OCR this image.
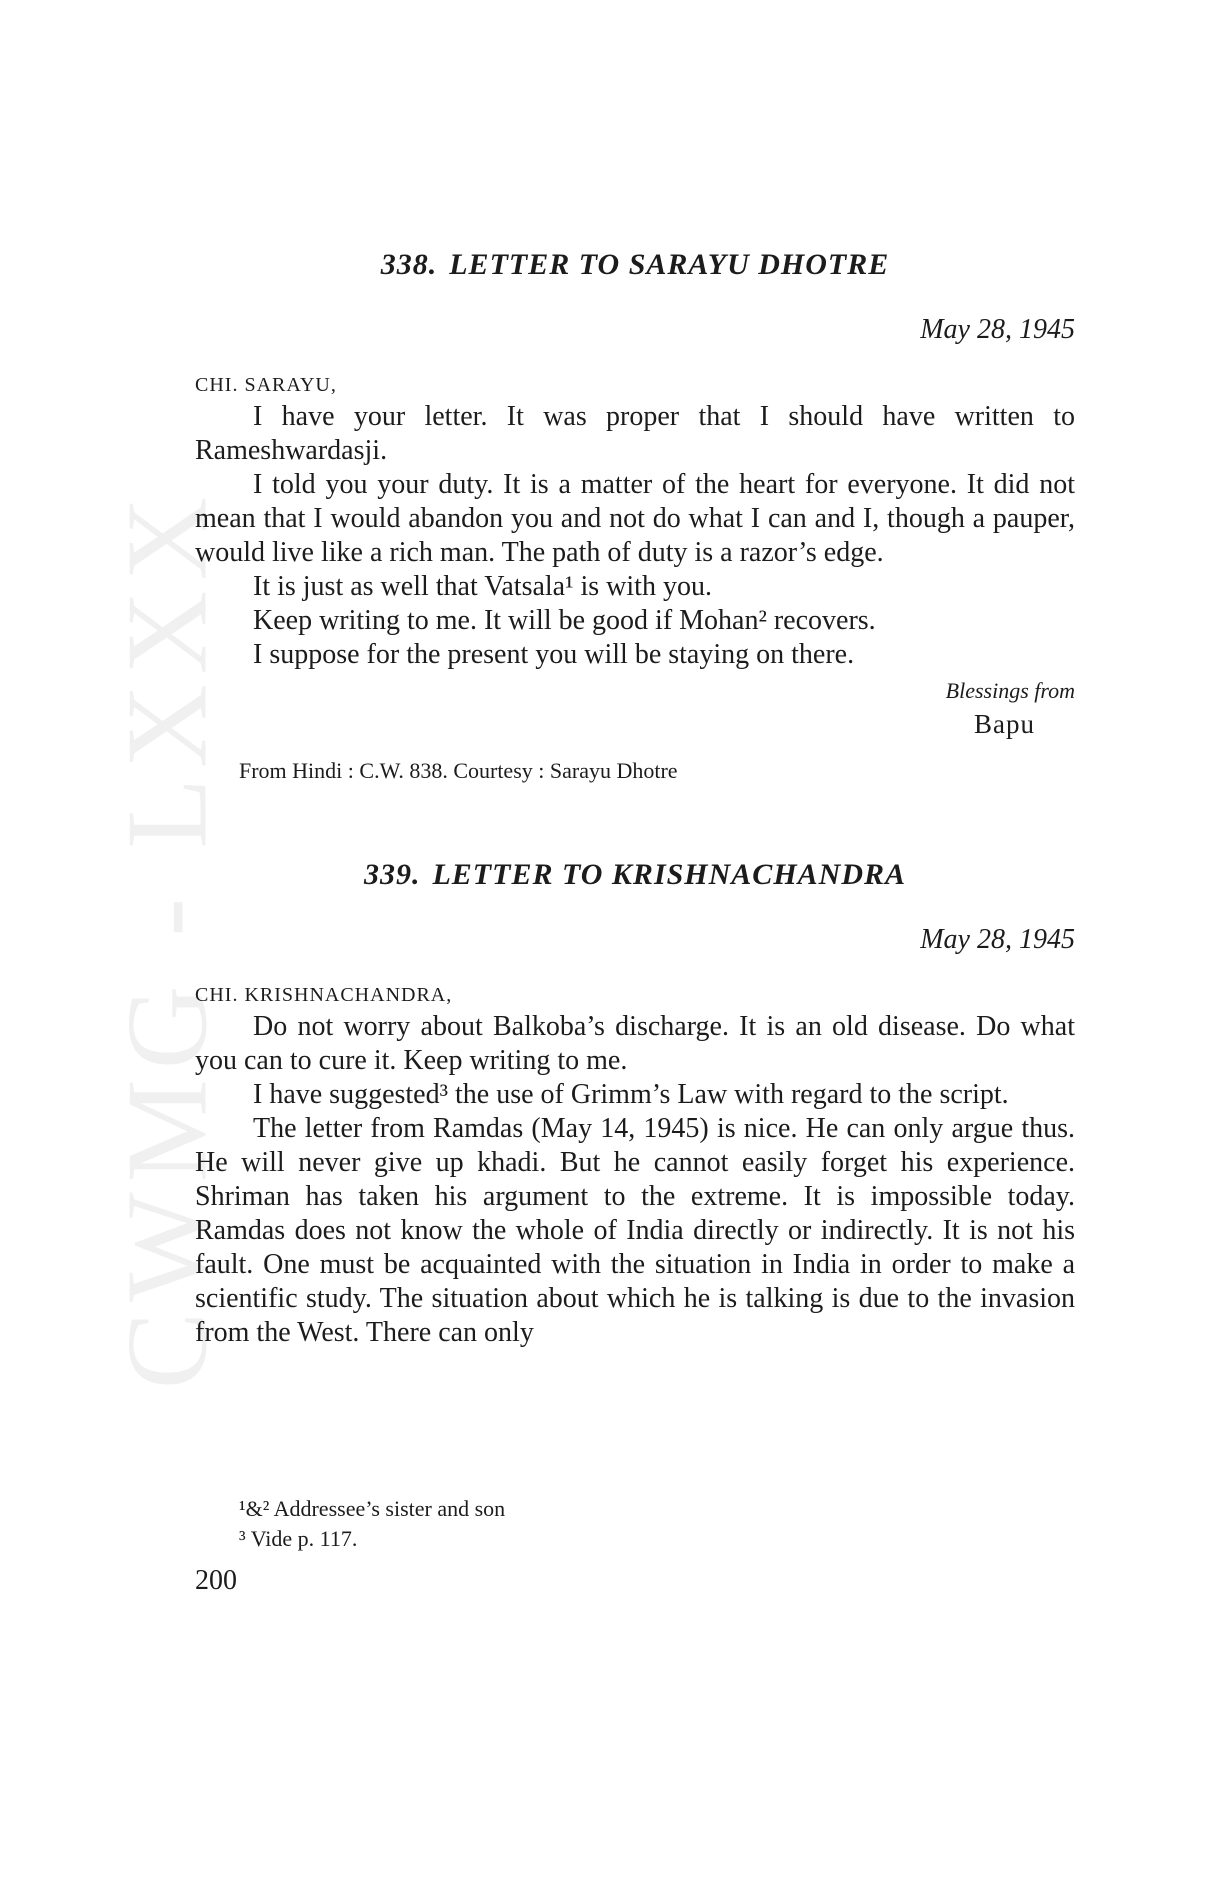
CWMG - LXXX
338. LETTER TO SARAYU DHOTRE
May 28, 1945
CHI. SARAYU,

I have your letter. It was proper that I should have written to Rameshwardasji.

I told you your duty. It is a matter of the heart for everyone. It did not mean that I would abandon you and not do what I can and I, though a pauper, would live like a rich man. The path of duty is a razor’s edge.

It is just as well that Vatsala¹ is with you.

Keep writing to me. It will be good if Mohan² recovers.

I suppose for the present you will be staying on there.

Blessings from
Bapu
From Hindi : C.W. 838. Courtesy : Sarayu Dhotre
339. LETTER TO KRISHNACHANDRA
May 28, 1945
CHI. KRISHNACHANDRA,

Do not worry about Balkoba’s discharge. It is an old disease. Do what you can to cure it. Keep writing to me.

I have suggested³ the use of Grimm’s Law with regard to the script.

The letter from Ramdas (May 14, 1945) is nice. He can only argue thus. He will never give up khadi. But he cannot easily forget his experience. Shriman has taken his argument to the extreme. It is impossible today. Ramdas does not know the whole of India directly or indirectly. It is not his fault. One must be acquainted with the situation in India in order to make a scientific study. The situation about which he is talking is due to the invasion from the West. There can only

¹&² Addressee’s sister and son
³ Vide p. 117.
200
